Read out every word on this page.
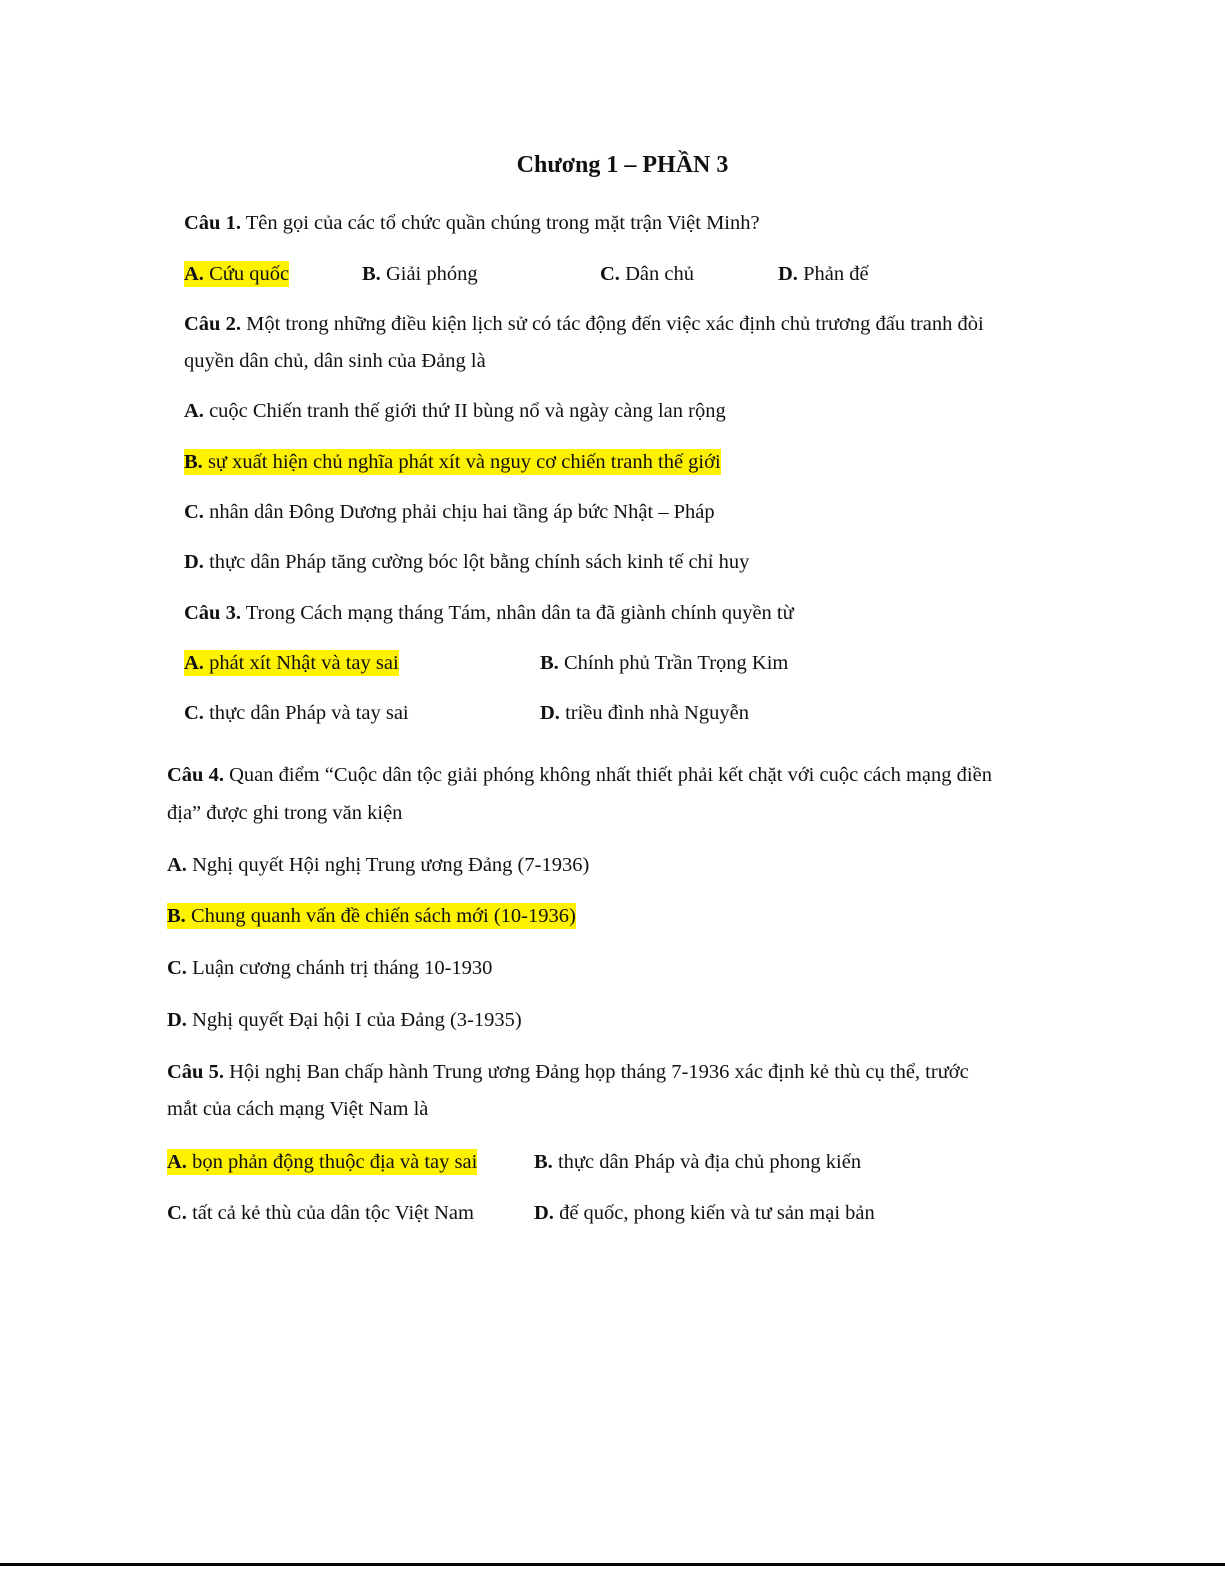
Chương 1 – PHẦN 3
Câu 1. Tên gọi của các tổ chức quần chúng trong mặt trận Việt Minh?
A. Cứu quốc	B. Giải phóng	C. Dân chủ	D. Phản đế
Câu 2. Một trong những điều kiện lịch sử có tác động đến việc xác định chủ trương đấu tranh đòi
quyền dân chủ, dân sinh của Đảng là
A. cuộc Chiến tranh thế giới thứ II bùng nổ và ngày càng lan rộng
B. sự xuất hiện chủ nghĩa phát xít và nguy cơ chiến tranh thế giới
C. nhân dân Đông Dương phải chịu hai tầng áp bức Nhật – Pháp
D. thực dân Pháp tăng cường bóc lột bằng chính sách kinh tế chỉ huy
Câu 3. Trong Cách mạng tháng Tám, nhân dân ta đã giành chính quyền từ
A. phát xít Nhật và tay sai	B. Chính phủ Trần Trọng Kim
C. thực dân Pháp và tay sai	D. triều đình nhà Nguyễn
Câu 4. Quan điểm “Cuộc dân tộc giải phóng không nhất thiết phải kết chặt với cuộc cách mạng điền
địa” được ghi trong văn kiện
A. Nghị quyết Hội nghị Trung ương Đảng (7-1936)
B. Chung quanh vấn đề chiến sách mới (10-1936)
C. Luận cương chánh trị tháng 10-1930
D. Nghị quyết Đại hội I của Đảng (3-1935)
Câu 5. Hội nghị Ban chấp hành Trung ương Đảng họp tháng 7-1936 xác định kẻ thù cụ thể, trước
mắt của cách mạng Việt Nam là
A. bọn phản động thuộc địa và tay sai	B. thực dân Pháp và địa chủ phong kiến
C. tất cả kẻ thù của dân tộc Việt Nam	D. đế quốc, phong kiến và tư sản mại bản
